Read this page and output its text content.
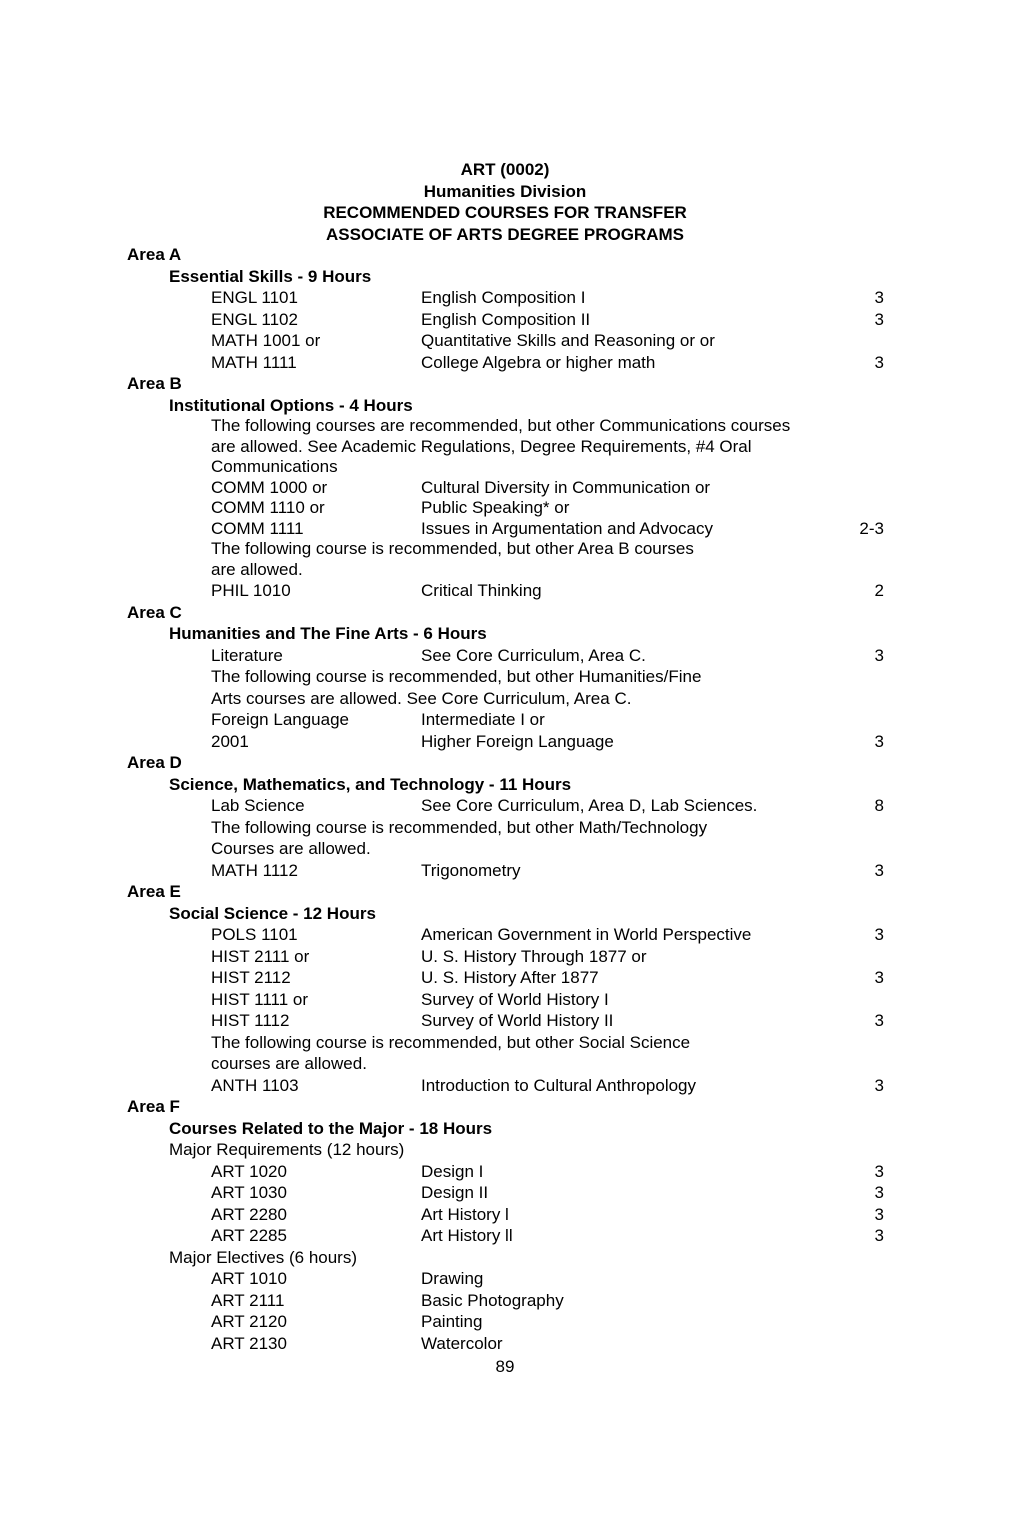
ART (0002)
Humanities Division
RECOMMENDED COURSES FOR TRANSFER
ASSOCIATE OF ARTS DEGREE PROGRAMS
Area A
Essential Skills - 9 Hours
ENGL 1101	English Composition I	3
ENGL 1102	English Composition II	3
MATH 1001 or	Quantitative Skills and Reasoning or or
MATH 1111	College Algebra or higher math	3
Area B
Institutional Options - 4 Hours
The following courses are recommended, but other Communications courses
are allowed. See Academic Regulations, Degree Requirements, #4 Oral
Communications
COMM 1000 or	Cultural Diversity in Communication or
COMM 1110 or	Public Speaking* or
COMM 1111	Issues in Argumentation and Advocacy	2-3
The following course is recommended, but other Area B courses
are allowed.
PHIL 1010	Critical Thinking	2
Area C
Humanities and The Fine Arts - 6 Hours
Literature	See Core Curriculum, Area C.	3
The following course is recommended, but other Humanities/Fine
Arts courses are allowed. See Core Curriculum, Area C.
Foreign Language	Intermediate I or
2001	Higher Foreign Language	3
Area D
Science, Mathematics, and Technology - 11 Hours
Lab Science	See Core Curriculum, Area D, Lab Sciences.	8
The following course is recommended, but other Math/Technology
Courses are allowed.
MATH 1112	Trigonometry	3
Area E
Social Science - 12 Hours
POLS 1101	American Government in World Perspective	3
HIST 2111 or	U. S. History Through 1877 or
HIST 2112	U. S. History After 1877	3
HIST 1111 or	Survey of World History I
HIST 1112	Survey of World History II	3
The following course is recommended, but other Social Science
courses are allowed.
ANTH 1103	Introduction to Cultural Anthropology	3
Area F
Courses Related to the Major - 18 Hours
Major Requirements (12 hours)
ART 1020	Design I	3
ART 1030	Design II	3
ART 2280	Art History l	3
ART 2285	Art History ll	3
Major Electives (6 hours)
ART 1010	Drawing
ART 2111	Basic Photography
ART 2120	Painting
ART 2130	Watercolor
89
